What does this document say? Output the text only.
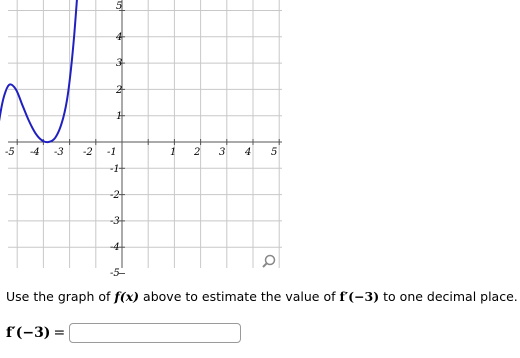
-5 -4 -3 -2 -1	1 2 3 4 5
5
4
3
2
1
-1
-2
-3
-4
-5
Use the graph of f(x) above to estimate the value of f′(−3) to one decimal place.
f′(−3) =
